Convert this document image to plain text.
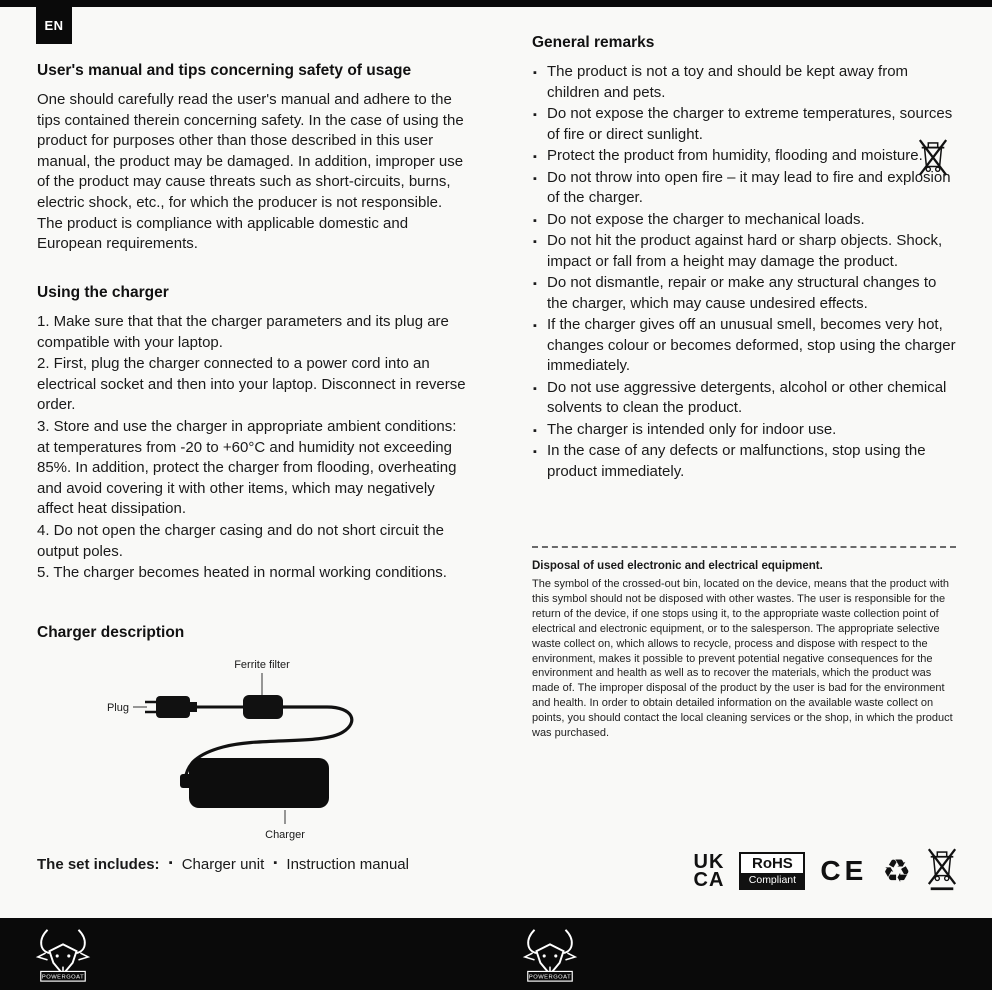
EN
User's manual and tips concerning safety of usage

One should carefully read the user's manual and adhere to the tips contained therein concerning safety. In the case of using the product for purposes other than those described in this user manual, the product may be damaged. In addition, improper use of the product may cause threats such as short-circuits, burns, electric shock, etc., for which the producer is not responsible. The product is compliance with applicable domestic and European requirements.

Using the charger

1. Make sure that that the charger parameters and its plug are compatible with your laptop.

2. First, plug the charger connected to a power cord into an electrical socket and then into your laptop. Disconnect in reverse order.

3. Store and use the charger in appropriate ambient conditions: at temperatures from -20 to +60°C and humidity not exceeding 85%. In addition, protect the charger from flooding, overheating and avoid covering it with other items, which may negatively affect heat dissipation.

4. Do not open the charger casing and do not short circuit the output poles.

5. The charger becomes heated in normal working conditions.

Charger description
Ferrite filter
Plug
Charger
The set includes: ▪ Charger unit ▪ Instruction manual
General remarks
▪ The product is not a toy and should be kept away from children and pets.
▪ Do not expose the charger to extreme temperatures, sources of fire or direct sunlight.
▪ Protect the product from humidity, flooding and moisture.
▪ Do not throw into open fire – it may lead to fire and explosion of the charger.
▪ Do not expose the charger to mechanical loads.
▪ Do not hit the product against hard or sharp objects. Shock, impact or fall from a height may damage the product.
▪ Do not dismantle, repair or make any structural changes to the charger, which may cause undesired effects.
▪ If the charger gives off an unusual smell, becomes very hot, changes colour or becomes deformed, stop using the charger immediately.
▪ Do not use aggressive detergents, alcohol or other chemical solvents to clean the product.
▪ The charger is intended only for indoor use.
▪ In the case of any defects or malfunctions, stop using the product immediately.

Disposal of used electronic and electrical equipment.

The symbol of the crossed-out bin, located on the device, means that the product with this symbol should not be disposed with other wastes. The user is responsible for the return of the device, if one stops using it, to the appropriate waste collection point of electrical and electronic equipment, or to the salesperson. The appropriate selective waste collect on, which allows to recycle, process and dispose with respect to the environment, makes it possible to prevent potential negative consequences for the environment and health as well as to recover the materials, which the product was made of. The improper disposal of the product by the user is bad for the environment and health. In order to obtain detailed information on the available waste collect on points, you should contact the local cleaning services or the shop, in which the product was purchased.

UK
CA
RoHS
Compliant CE ♻
POWERGOAT	POWERGOAT
